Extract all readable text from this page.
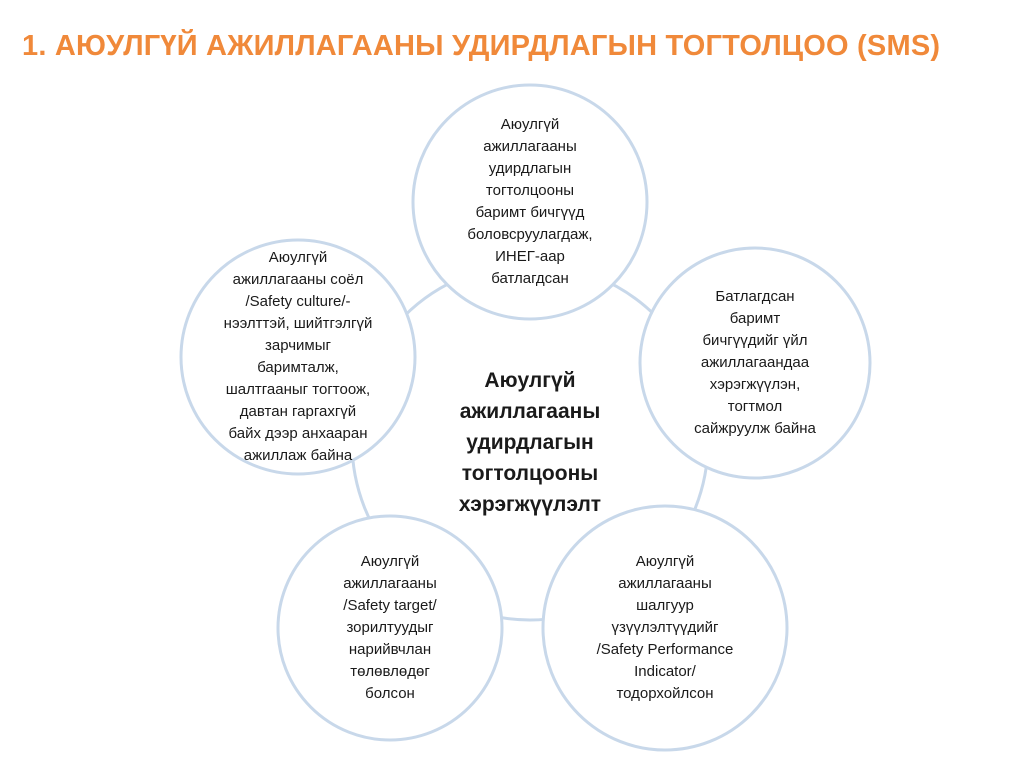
1. АЮУЛГҮЙ АЖИЛЛАГААНЫ УДИРДЛАГЫН ТОГТОЛЦОО (SMS)
Аюулгүй
ажиллагааны
удирдлагын
тогтолцооны
хэрэгжүүлэлт
Аюулгүй
ажиллагааны
удирдлагын
тогтолцооны
баримт бичгүүд
боловсруулагдаж,
ИНЕГ-аар
батлагдсан
Батлагдсан
баримт
бичгүүдийг үйл
ажиллагаандаа
хэрэгжүүлэн,
тогтмол
сайжруулж байна
Аюулгүй
ажиллагааны
шалгуур
үзүүлэлтүүдийг
/Safety Performance
Indicator/
тодорхойлсон
Аюулгүй
ажиллагааны
/Safety target/
зорилтуудыг
нарийвчлан
төлөвлөдөг
болсон
Аюулгүй
ажиллагааны соёл
/Safety culture/-
нээлттэй, шийтгэлгүй
зарчимыг
баримталж,
шалтгааныг тогтоож,
давтан гаргахгүй
байх дээр анхааран
ажиллаж байна
